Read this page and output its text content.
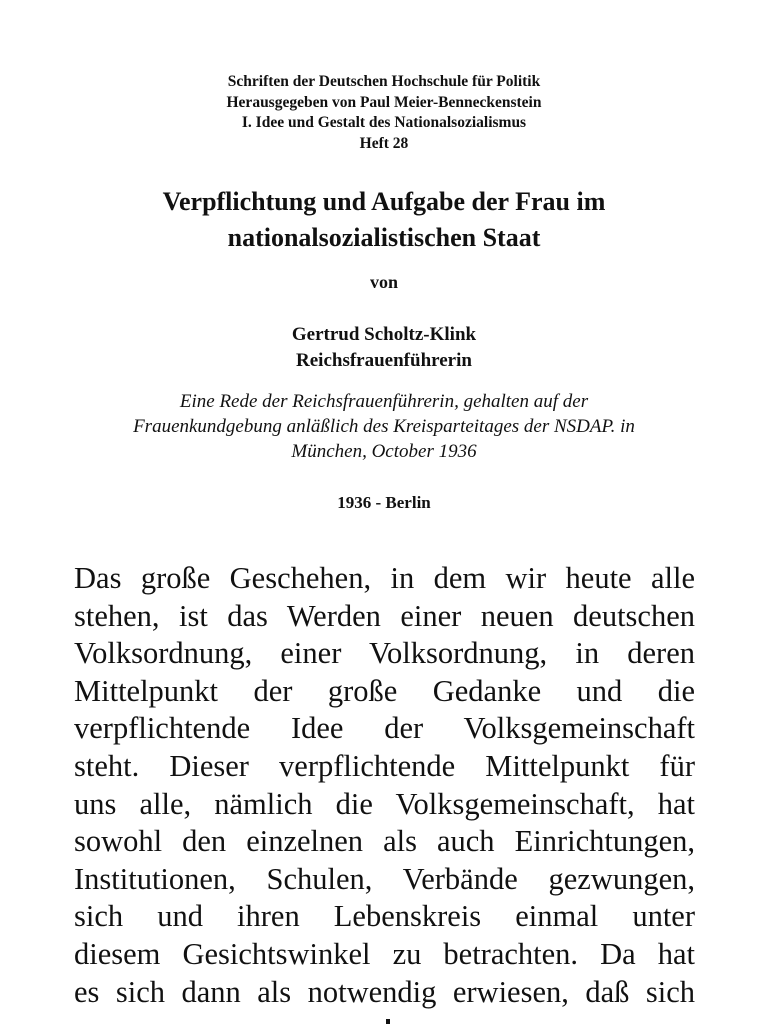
Schriften der Deutschen Hochschule für Politik
Herausgegeben von Paul Meier-Benneckenstein
I. Idee und Gestalt des Nationalsozialismus
Heft 28
Verpflichtung und Aufgabe der Frau im
nationalsozialistischen Staat
von
Gertrud Scholtz-Klink
Reichsfrauenführerin
Eine Rede der Reichsfrauenführerin, gehalten auf der
Frauenkundgebung anläßlich des Kreisparteitages der NSDAP. in
München, October 1936
1936 - Berlin
Das große Geschehen, in dem wir heute alle
stehen, ist das Werden einer neuen deutschen
Volksordnung, einer Volksordnung, in deren
Mittelpunkt der große Gedanke und die
verpflichtende Idee der Volksgemeinschaft
steht. Dieser verpflichtende Mittelpunkt für
uns alle, nämlich die Volksgemeinschaft, hat
sowohl den einzelnen als auch Einrichtungen,
Institutionen, Schulen, Verbände gezwungen,
sich und ihren Lebenskreis einmal unter
diesem Gesichtswinkel zu betrachten. Da hat
es sich dann als notwendig erwiesen, daß sich
